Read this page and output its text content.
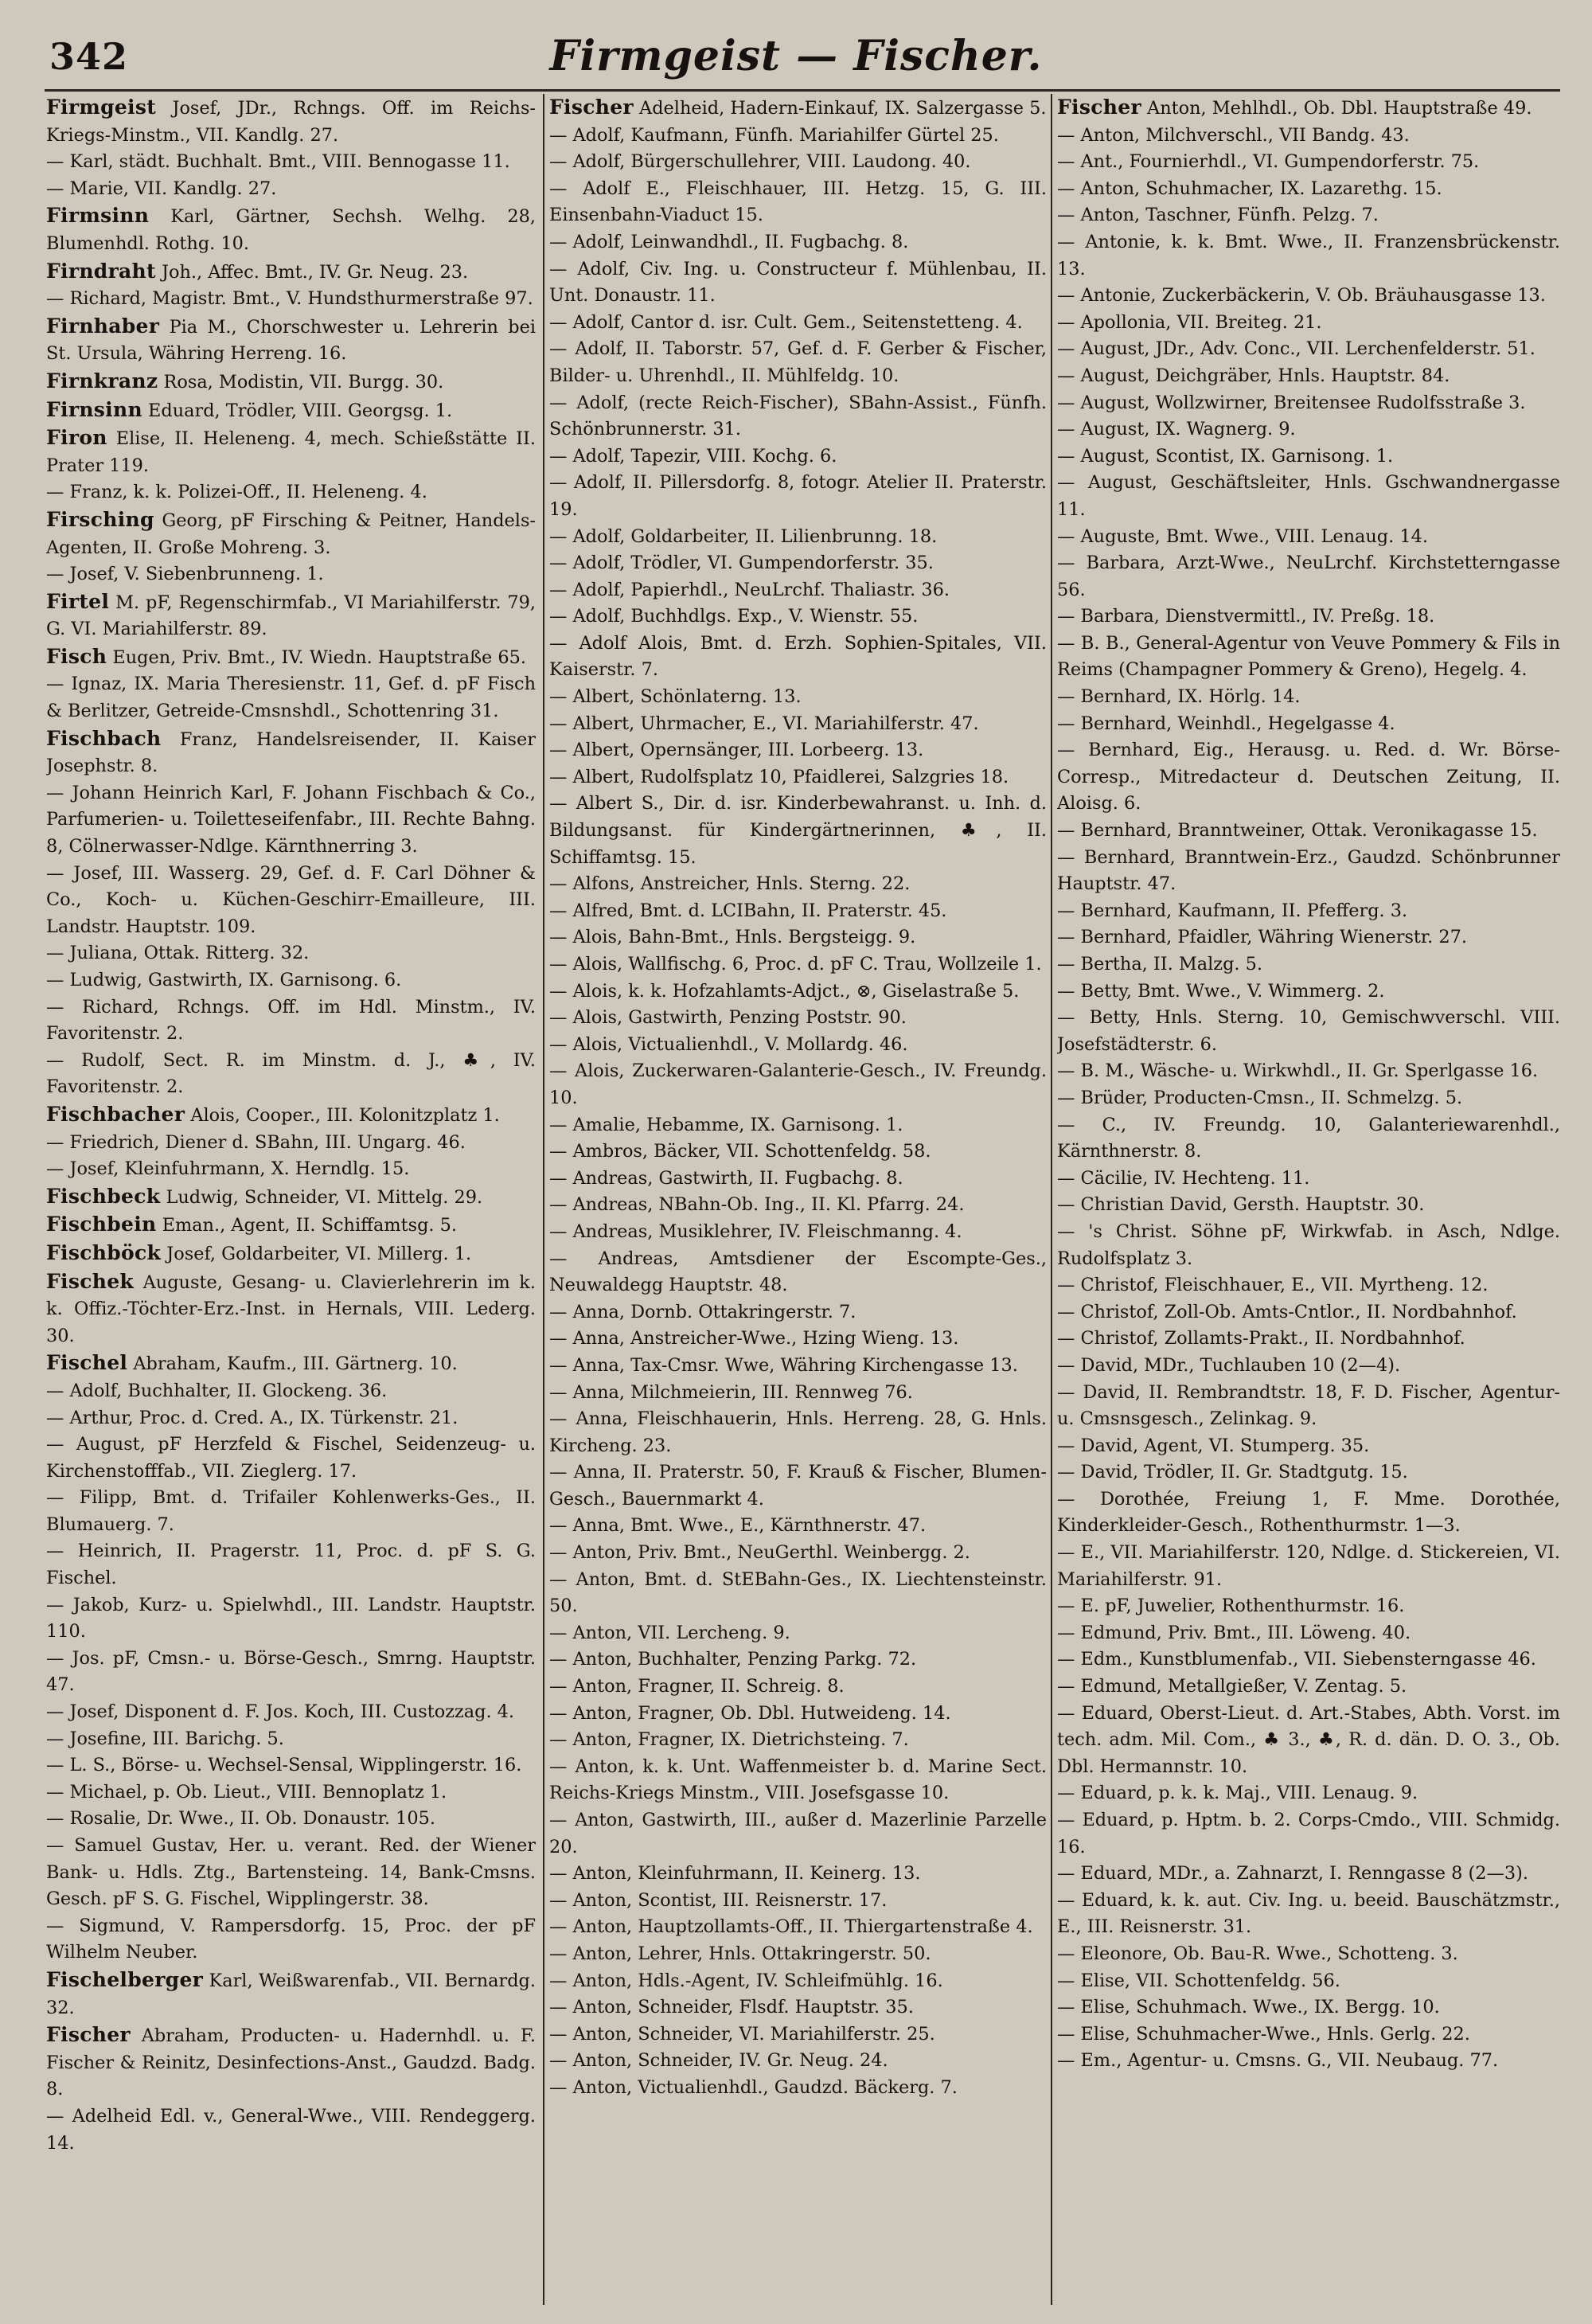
342	Firmgeist — Fischer.

Firmgeist Josef, JDr., Rchngs. Off. im Reichs-Kriegs-Minstm., VII. Kandlg. 27.

— Karl, städt. Buchhalt. Bmt., VIII. Bennogasse 11.

— Marie, VII. Kandlg. 27.

Firmsinn Karl, Gärtner, Sechsh. Welhg. 28, Blumenhdl. Rothg. 10.

Firndraht Joh., Affec. Bmt., IV. Gr. Neug. 23.

— Richard, Magistr. Bmt., V. Hundsthurmerstraße 97.

Firnhaber Pia M., Chorschwester u. Lehrerin bei St. Ursula, Währing Herreng. 16.

Firnkranz Rosa, Modistin, VII. Burgg. 30.

Firnsinn Eduard, Trödler, VIII. Georgsg. 1.

Firon Elise, II. Heleneng. 4, mech. Schießstätte II. Prater 119.

— Franz, k. k. Polizei-Off., II. Heleneng. 4.

Firsching Georg, pF Firsching & Peitner, Handels-Agenten, II. Große Mohreng. 3.

— Josef, V. Siebenbrunneng. 1.

Firtel M. pF, Regenschirmfab., VI Mariahilferstr. 79, G. VI. Mariahilferstr. 89.

Fisch Eugen, Priv. Bmt., IV. Wiedn. Hauptstraße 65.

— Ignaz, IX. Maria Theresienstr. 11, Gef. d. pF Fisch & Berlitzer, Getreide-Cmsnshdl., Schottenring 31.

Fischbach Franz, Handelsreisender, II. Kaiser Josephstr. 8.

— Johann Heinrich Karl, F. Johann Fischbach & Co., Parfumerien- u. Toiletteseifenfabr., III. Rechte Bahng. 8, Cölnerwasser-Ndlge. Kärnthnerring 3.

— Josef, III. Wasserg. 29, Gef. d. F. Carl Döhner & Co., Koch- u. Küchen-Geschirr-Emailleure, III. Landstr. Hauptstr. 109.

— Juliana, Ottak. Ritterg. 32.

— Ludwig, Gastwirth, IX. Garnisong. 6.

— Richard, Rchngs. Off. im Hdl. Minstm., IV. Favoritenstr. 2.

— Rudolf, Sect. R. im Minstm. d. J., ♣, IV. Favoritenstr. 2.

Fischbacher Alois, Cooper., III. Kolonitzplatz 1.

— Friedrich, Diener d. SBahn, III. Ungarg. 46.

— Josef, Kleinfuhrmann, X. Herndlg. 15.

Fischbeck Ludwig, Schneider, VI. Mittelg. 29.

Fischbein Eman., Agent, II. Schiffamtsg. 5.

Fischböck Josef, Goldarbeiter, VI. Millerg. 1.

Fischek Auguste, Gesang- u. Clavierlehrerin im k. k. Offiz.-Töchter-Erz.-Inst. in Hernals, VIII. Lederg. 30.

Fischel Abraham, Kaufm., III. Gärtnerg. 10.

— Adolf, Buchhalter, II. Glockeng. 36.

— Arthur, Proc. d. Cred. A., IX. Türkenstr. 21.

— August, pF Herzfeld & Fischel, Seidenzeug- u. Kirchenstofffab., VII. Zieglerg. 17.

— Filipp, Bmt. d. Trifailer Kohlenwerks-Ges., II. Blumauerg. 7.

— Heinrich, II. Pragerstr. 11, Proc. d. pF S. G. Fischel.

— Jakob, Kurz- u. Spielwhdl., III. Landstr. Hauptstr. 110.

— Jos. pF, Cmsn.- u. Börse-Gesch., Smrng. Hauptstr. 47.

— Josef, Disponent d. F. Jos. Koch, III. Custozzag. 4.

— Josefine, III. Barichg. 5.

— L. S., Börse- u. Wechsel-Sensal, Wipplingerstr. 16.

— Michael, p. Ob. Lieut., VIII. Bennoplatz 1.

— Rosalie, Dr. Wwe., II. Ob. Donaustr. 105.

— Samuel Gustav, Her. u. verant. Red. der Wiener Bank- u. Hdls. Ztg., Bartensteing. 14, Bank-Cmsns. Gesch. pF S. G. Fischel, Wipplingerstr. 38.

— Sigmund, V. Rampersdorfg. 15, Proc. der pF Wilhelm Neuber.

Fischelberger Karl, Weißwarenfab., VII. Bernardg. 32.

Fischer Abraham, Producten- u. Hadernhdl. u. F. Fischer & Reinitz, Desinfections-Anst., Gaudzd. Badg. 8.

— Adelheid Edl. v., General-Wwe., VIII. Rendeggerg. 14.

Fischer Adelheid, Hadern-Einkauf, IX. Salzergasse 5.

— Adolf, Kaufmann, Fünfh. Mariahilfer Gürtel 25.

— Adolf, Bürgerschullehrer, VIII. Laudong. 40.

— Adolf E., Fleischhauer, III. Hetzg. 15, G. III. Einsenbahn-Viaduct 15.

— Adolf, Leinwandhdl., II. Fugbachg. 8.

— Adolf, Civ. Ing. u. Constructeur f. Mühlenbau, II. Unt. Donaustr. 11.

— Adolf, Cantor d. isr. Cult. Gem., Seitenstetteng. 4.

— Adolf, II. Taborstr. 57, Gef. d. F. Gerber & Fischer, Bilder- u. Uhrenhdl., II. Mühlfeldg. 10.

— Adolf, (recte Reich-Fischer), SBahn-Assist., Fünfh. Schönbrunnerstr. 31.

— Adolf, Tapezir, VIII. Kochg. 6.

— Adolf, II. Pillersdorfg. 8, fotogr. Atelier II. Praterstr. 19.

— Adolf, Goldarbeiter, II. Lilienbrunng. 18.

— Adolf, Trödler, VI. Gumpendorferstr. 35.

— Adolf, Papierhdl., NeuLrchf. Thaliastr. 36.

— Adolf, Buchhdlgs. Exp., V. Wienstr. 55.

— Adolf Alois, Bmt. d. Erzh. Sophien-Spitales, VII. Kaiserstr. 7.

— Albert, Schönlaterng. 13.

— Albert, Uhrmacher, E., VI. Mariahilferstr. 47.

— Albert, Opernsänger, III. Lorbeerg. 13.

— Albert, Rudolfsplatz 10, Pfaidlerei, Salzgries 18.

— Albert S., Dir. d. isr. Kinderbewahranst. u. Inh. d. Bildungsanst. für Kindergärtnerinnen, ♣, II. Schiffamtsg. 15.

— Alfons, Anstreicher, Hnls. Sterng. 22.

— Alfred, Bmt. d. LCIBahn, II. Praterstr. 45.

— Alois, Bahn-Bmt., Hnls. Bergsteigg. 9.

— Alois, Wallfischg. 6, Proc. d. pF C. Trau, Wollzeile 1.

— Alois, k. k. Hofzahlamts-Adjct., ⊗, Giselastraße 5.

— Alois, Gastwirth, Penzing Poststr. 90.

— Alois, Victualienhdl., V. Mollardg. 46.

— Alois, Zuckerwaren-Galanterie-Gesch., IV. Freundg. 10.

— Amalie, Hebamme, IX. Garnisong. 1.

— Ambros, Bäcker, VII. Schottenfeldg. 58.

— Andreas, Gastwirth, II. Fugbachg. 8.

— Andreas, NBahn-Ob. Ing., II. Kl. Pfarrg. 24.

— Andreas, Musiklehrer, IV. Fleischmanng. 4.

— Andreas, Amtsdiener der Escompte-Ges., Neuwaldegg Hauptstr. 48.

— Anna, Dornb. Ottakringerstr. 7.

— Anna, Anstreicher-Wwe., Hzing Wieng. 13.

— Anna, Tax-Cmsr. Wwe, Währing Kirchengasse 13.

— Anna, Milchmeierin, III. Rennweg 76.

— Anna, Fleischhauerin, Hnls. Herreng. 28, G. Hnls. Kircheng. 23.

— Anna, II. Praterstr. 50, F. Krauß & Fischer, Blumen-Gesch., Bauernmarkt 4.

— Anna, Bmt. Wwe., E., Kärnthnerstr. 47.

— Anton, Priv. Bmt., NeuGerthl. Weinbergg. 2.

— Anton, Bmt. d. StEBahn-Ges., IX. Liechtensteinstr. 50.

— Anton, VII. Lercheng. 9.

— Anton, Buchhalter, Penzing Parkg. 72.

— Anton, Fragner, II. Schreig. 8.

— Anton, Fragner, Ob. Dbl. Hutweideng. 14.

— Anton, Fragner, IX. Dietrichsteing. 7.

— Anton, k. k. Unt. Waffenmeister b. d. Marine Sect. Reichs-Kriegs Minstm., VIII. Josefsgasse 10.

— Anton, Gastwirth, III., außer d. Mazerlinie Parzelle 20.

— Anton, Kleinfuhrmann, II. Keinerg. 13.

— Anton, Scontist, III. Reisnerstr. 17.

— Anton, Hauptzollamts-Off., II. Thiergartenstraße 4.

— Anton, Lehrer, Hnls. Ottakringerstr. 50.

— Anton, Hdls.-Agent, IV. Schleifmühlg. 16.

— Anton, Schneider, Flsdf. Hauptstr. 35.

— Anton, Schneider, VI. Mariahilferstr. 25.

— Anton, Schneider, IV. Gr. Neug. 24.

— Anton, Victualienhdl., Gaudzd. Bäckerg. 7.

Fischer Anton, Mehlhdl., Ob. Dbl. Hauptstraße 49.

— Anton, Milchverschl., VII Bandg. 43.

— Ant., Fournierhdl., VI. Gumpendorferstr. 75.

— Anton, Schuhmacher, IX. Lazarethg. 15.

— Anton, Taschner, Fünfh. Pelzg. 7.

— Antonie, k. k. Bmt. Wwe., II. Franzensbrückenstr. 13.

— Antonie, Zuckerbäckerin, V. Ob. Bräuhausgasse 13.

— Apollonia, VII. Breiteg. 21.

— August, JDr., Adv. Conc., VII. Lerchenfelderstr. 51.

— August, Deichgräber, Hnls. Hauptstr. 84.

— August, Wollzwirner, Breitensee Rudolfsstraße 3.

— August, IX. Wagnerg. 9.

— August, Scontist, IX. Garnisong. 1.

— August, Geschäftsleiter, Hnls. Gschwandnergasse 11.

— Auguste, Bmt. Wwe., VIII. Lenaug. 14.

— Barbara, Arzt-Wwe., NeuLrchf. Kirchstetterngasse 56.

— Barbara, Dienstvermittl., IV. Preßg. 18.

— B. B., General-Agentur von Veuve Pommery & Fils in Reims (Champagner Pommery & Greno), Hegelg. 4.

— Bernhard, IX. Hörlg. 14.

— Bernhard, Weinhdl., Hegelgasse 4.

— Bernhard, Eig., Herausg. u. Red. d. Wr. Börse-Corresp., Mitredacteur d. Deutschen Zeitung, II. Aloisg. 6.

— Bernhard, Branntweiner, Ottak. Veronikagasse 15.

— Bernhard, Branntwein-Erz., Gaudzd. Schönbrunner Hauptstr. 47.

— Bernhard, Kaufmann, II. Pfefferg. 3.

— Bernhard, Pfaidler, Währing Wienerstr. 27.

— Bertha, II. Malzg. 5.

— Betty, Bmt. Wwe., V. Wimmerg. 2.

— Betty, Hnls. Sterng. 10, Gemischwverschl. VIII. Josefstädterstr. 6.

— B. M., Wäsche- u. Wirkwhdl., II. Gr. Sperlgasse 16.

— Brüder, Producten-Cmsn., II. Schmelzg. 5.

— C., IV. Freundg. 10, Galanteriewarenhdl., Kärnthnerstr. 8.

— Cäcilie, IV. Hechteng. 11.

— Christian David, Gersth. Hauptstr. 30.

— 's Christ. Söhne pF, Wirkwfab. in Asch, Ndlge. Rudolfsplatz 3.

— Christof, Fleischhauer, E., VII. Myrtheng. 12.

— Christof, Zoll-Ob. Amts-Cntlor., II. Nordbahnhof.

— Christof, Zollamts-Prakt., II. Nordbahnhof.

— David, MDr., Tuchlauben 10 (2—4).

— David, II. Rembrandtstr. 18, F. D. Fischer, Agentur- u. Cmsnsgesch., Zelinkag. 9.

— David, Agent, VI. Stumperg. 35.

— David, Trödler, II. Gr. Stadtgutg. 15.

— Dorothée, Freiung 1, F. Mme. Dorothée, Kinderkleider-Gesch., Rothenthurmstr. 1—3.

— E., VII. Mariahilferstr. 120, Ndlge. d. Stickereien, VI. Mariahilferstr. 91.

— E. pF, Juwelier, Rothenthurmstr. 16.

— Edmund, Priv. Bmt., III. Löweng. 40.

— Edm., Kunstblumenfab., VII. Siebensterngasse 46.

— Edmund, Metallgießer, V. Zentag. 5.

— Eduard, Oberst-Lieut. d. Art.-Stabes, Abth. Vorst. im tech. adm. Mil. Com., ♣ 3., ♣, R. d. dän. D. O. 3., Ob. Dbl. Hermannstr. 10.

— Eduard, p. k. k. Maj., VIII. Lenaug. 9.

— Eduard, p. Hptm. b. 2. Corps-Cmdo., VIII. Schmidg. 16.

— Eduard, MDr., a. Zahnarzt, I. Renngasse 8 (2—3).

— Eduard, k. k. aut. Civ. Ing. u. beeid. Bauschätzmstr., E., III. Reisnerstr. 31.

— Eleonore, Ob. Bau-R. Wwe., Schotteng. 3.

— Elise, VII. Schottenfeldg. 56.

— Elise, Schuhmach. Wwe., IX. Bergg. 10.

— Elise, Schuhmacher-Wwe., Hnls. Gerlg. 22.

— Em., Agentur- u. Cmsns. G., VII. Neubaug. 77.
